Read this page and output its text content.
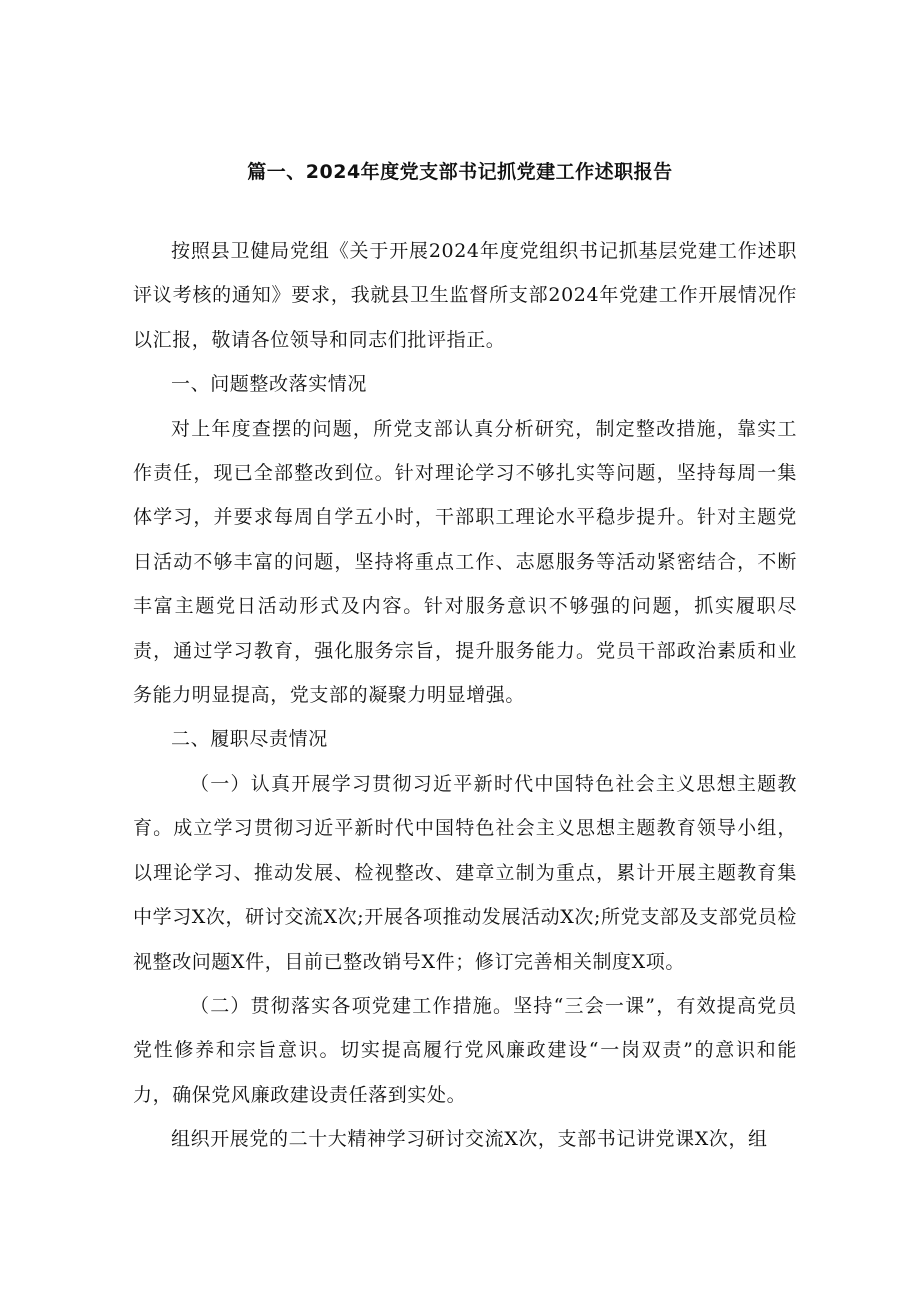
篇一、2024年度党支部书记抓党建工作述职报告

按照县卫健局党组《关于开展2024年度党组织书记抓基层党建工作述职评议考核的通知》要求，我就县卫生监督所支部2024年党建工作开展情况作以汇报，敬请各位领导和同志们批评指正。

一、问题整改落实情况

对上年度查摆的问题，所党支部认真分析研究，制定整改措施，靠实工作责任，现已全部整改到位。针对理论学习不够扎实等问题，坚持每周一集体学习，并要求每周自学五小时，干部职工理论水平稳步提升。针对主题党日活动不够丰富的问题，坚持将重点工作、志愿服务等活动紧密结合，不断丰富主题党日活动形式及内容。针对服务意识不够强的问题，抓实履职尽责，通过学习教育，强化服务宗旨，提升服务能力。党员干部政治素质和业务能力明显提高，党支部的凝聚力明显增强。

二、履职尽责情况

（一）认真开展学习贯彻习近平新时代中国特色社会主义思想主题教育。成立学习贯彻习近平新时代中国特色社会主义思想主题教育领导小组，以理论学习、推动发展、检视整改、建章立制为重点，累计开展主题教育集中学习X次，研讨交流X次;开展各项推动发展活动X次;所党支部及支部党员检视整改问题X件，目前已整改销号X件；修订完善相关制度X项。

（二）贯彻落实各项党建工作措施。坚持“三会一课”，有效提高党员党性修养和宗旨意识。切实提高履行党风廉政建设“一岗双责”的意识和能力，确保党风廉政建设责任落到实处。

组织开展党的二十大精神学习研讨交流X次，支部书记讲党课X次，组
